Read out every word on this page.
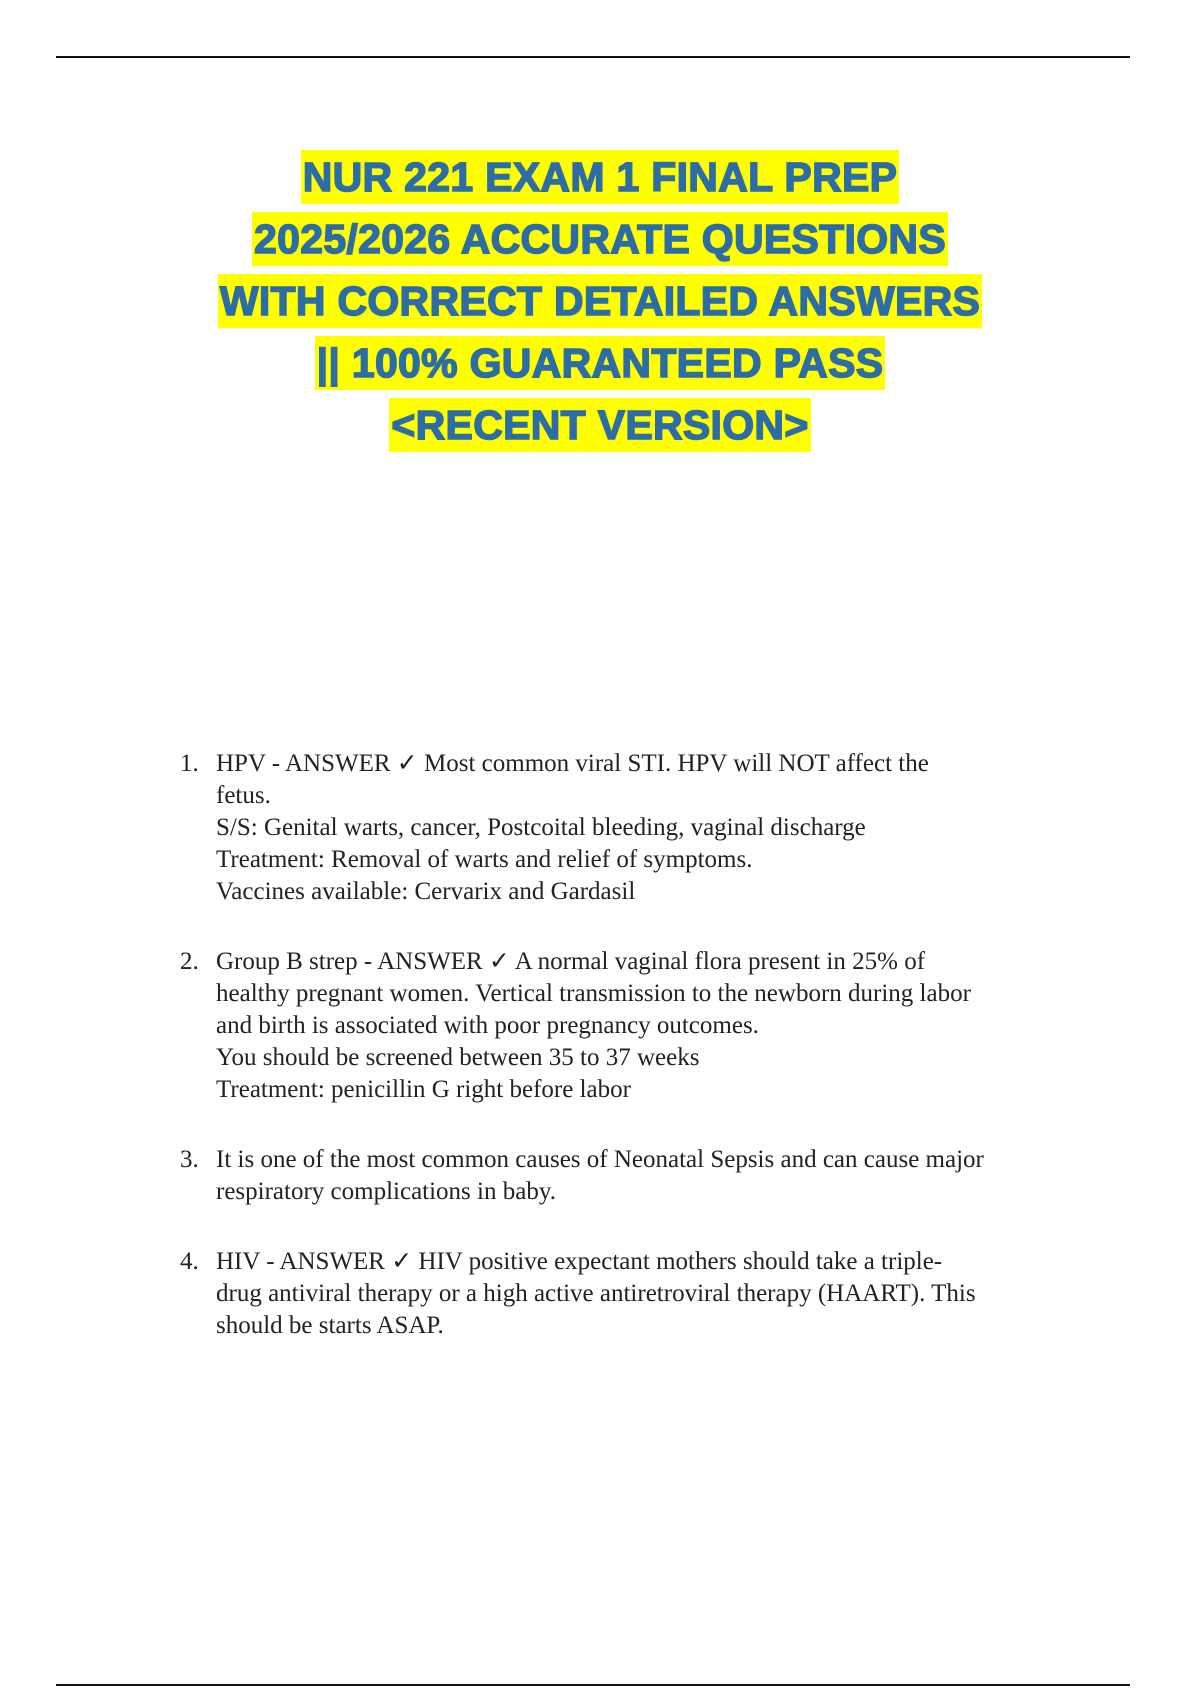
NUR 221 EXAM 1 FINAL PREP
2025/2026 ACCURATE QUESTIONS
WITH CORRECT DETAILED ANSWERS
|| 100% GUARANTEED PASS
<RECENT VERSION>
1. HPV - ANSWER ✓ Most common viral STI. HPV will NOT affect the
fetus.
S/S: Genital warts, cancer, Postcoital bleeding, vaginal discharge
Treatment: Removal of warts and relief of symptoms.
Vaccines available: Cervarix and Gardasil
2. Group B strep - ANSWER ✓ A normal vaginal flora present in 25% of
healthy pregnant women. Vertical transmission to the newborn during labor
and birth is associated with poor pregnancy outcomes.
You should be screened between 35 to 37 weeks
Treatment: penicillin G right before labor
3. It is one of the most common causes of Neonatal Sepsis and can cause major
respiratory complications in baby.
4. HIV - ANSWER ✓ HIV positive expectant mothers should take a triple-
drug antiviral therapy or a high active antiretroviral therapy (HAART). This
should be starts ASAP.
